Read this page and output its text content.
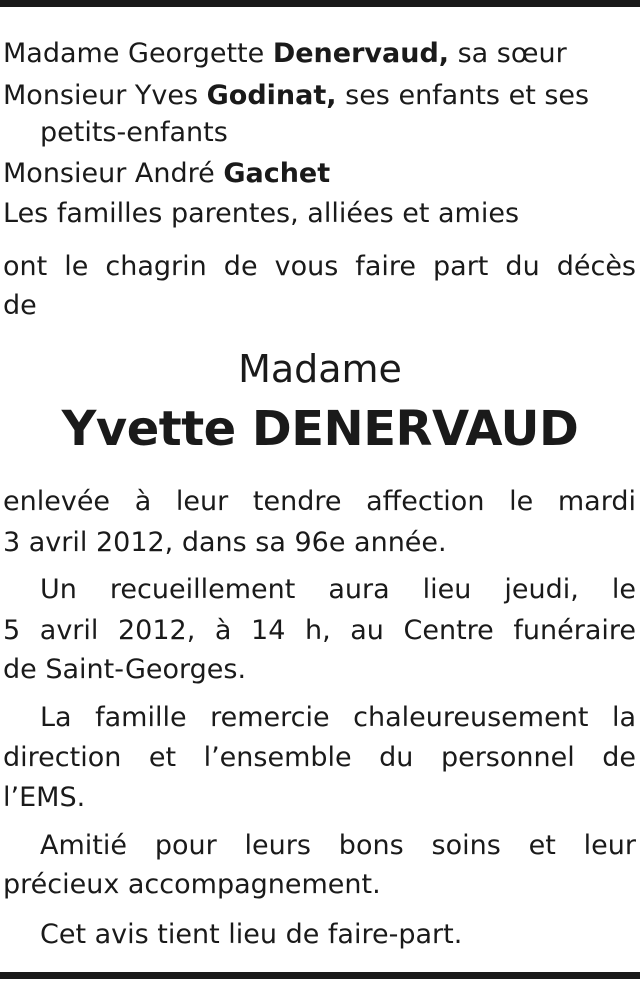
Madame Georgette Denervaud, sa sœur
Monsieur Yves Godinat, ses enfants et ses
petits-enfants
Monsieur André Gachet
Les familles parentes, alliées et amies
ont le chagrin de vous faire part du décès
de
Madame
Yvette DENERVAUD
enlevée à leur tendre affection le mardi
3 avril 2012, dans sa 96e année.
Un recueillement aura lieu jeudi, le
5 avril 2012, à 14 h, au Centre funéraire
de Saint-Georges.
La famille remercie chaleureusement la
direction et l’ensemble du personnel de
l’EMS.
Amitié pour leurs bons soins et leur
précieux accompagnement.
Cet avis tient lieu de faire-part.
